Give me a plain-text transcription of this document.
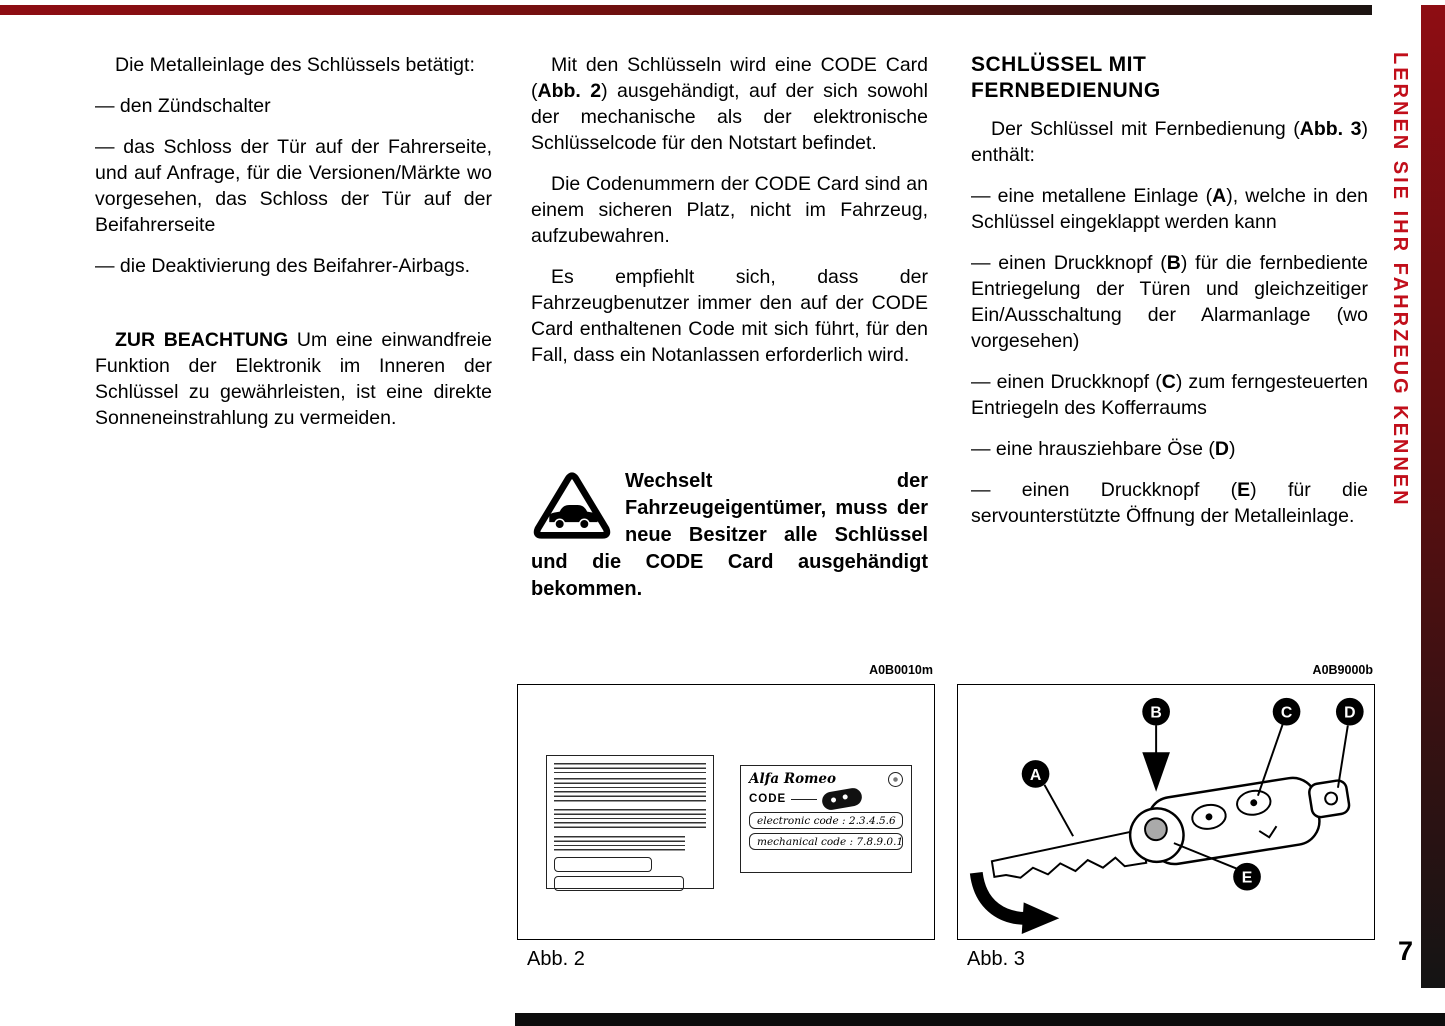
LERNEN SIE IHR FAHRZEUG KENNEN
7

Die Metalleinlage des Schlüssels betätigt:

— den Zündschalter

— das Schloss der Tür auf der Fahrerseite, und auf Anfrage, für die Versionen/Märkte wo vorgesehen, das Schloss der Tür auf der Beifahrerseite

— die Deaktivierung des Beifahrer-Airbags.

ZUR BEACHTUNG Um eine einwandfreie Funktion der Elektronik im Inneren der Schlüssel zu gewährleisten, ist eine direkte Sonneneinstrahlung zu vermeiden.

Mit den Schlüsseln wird eine CODE Card (Abb. 2) ausgehändigt, auf der sich sowohl der mechanische als der elektronische Schlüsselcode für den Notstart befindet.

Die Codenummern der CODE Card sind an einem sicheren Platz, nicht im Fahrzeug, aufzubewahren.

Es empfiehlt sich, dass der Fahrzeugbenutzer immer den auf der CODE Card enthaltenen Code mit sich führt, für den Fall, dass ein Notanlassen erforderlich wird.

Wechselt der Fahrzeugeigentümer, muss der neue Besitzer alle Schlüssel und die CODE Card ausgehändigt bekommen.
SCHLÜSSEL MIT
FERNBEDIENUNG

Der Schlüssel mit Fernbedienung (Abb. 3) enthält:

— eine metallene Einlage (A), welche in den Schlüssel eingeklappt werden kann

— einen Druckknopf (B) für die fernbediente Entriegelung der Türen und gleichzeitiger Ein/Ausschaltung der Alarmanlage (wo vorgesehen)

— einen Druckknopf (C) zum ferngesteuerten Entriegeln des Kofferraums

— eine hrausziehbare Öse (D)

— einen Druckknopf (E) für die servounterstützte Öffnung der Metalleinlage.

A0B0010m
Alfa Romeo
CODE
electronic code : 2.3.4.5.6
mechanical code : 7.8.9.0.1
Abb. 2
A0B9000b
A
B	C	D
E
Abb. 3
